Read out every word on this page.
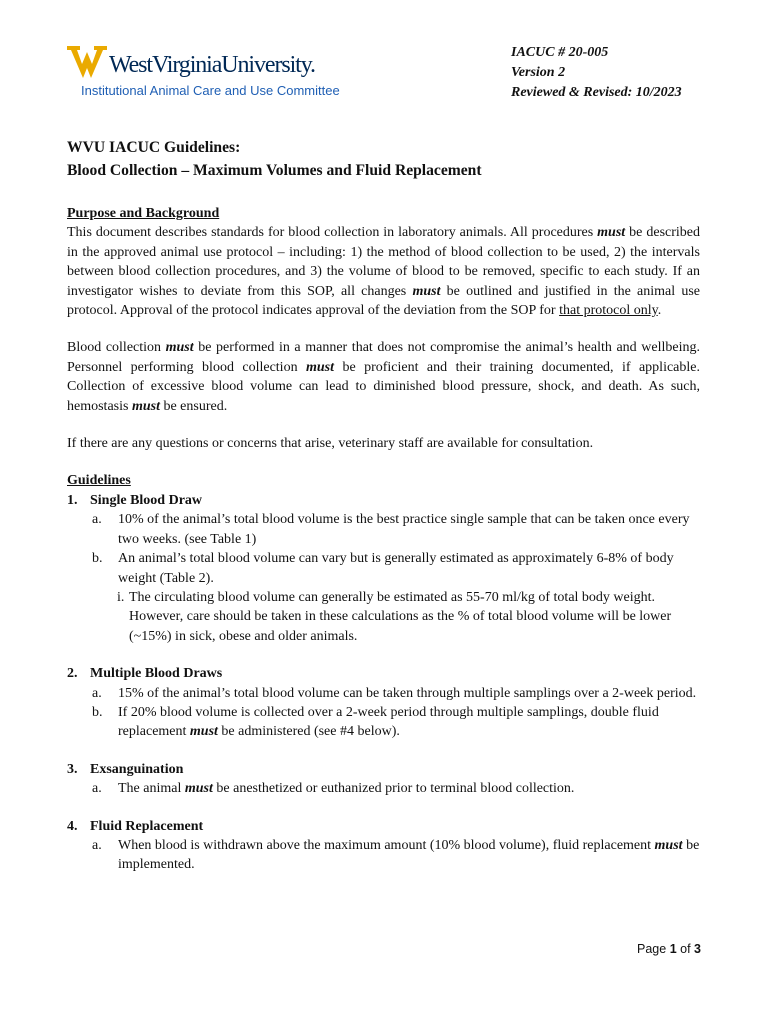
WestVirginiaUniversity.
Institutional Animal Care and Use Committee
IACUC # 20-005
Version 2
Reviewed & Revised: 10/2023
WVU IACUC Guidelines:
Blood Collection – Maximum Volumes and Fluid Replacement

Purpose and Background

This document describes standards for blood collection in laboratory animals. All procedures must be described in the approved animal use protocol – including: 1) the method of blood collection to be used, 2) the intervals between blood collection procedures, and 3) the volume of blood to be removed, specific to each study. If an investigator wishes to deviate from this SOP, all changes must be outlined and justified in the animal use protocol. Approval of the protocol indicates approval of the deviation from the SOP for that protocol only.

Blood collection must be performed in a manner that does not compromise the animal’s health and wellbeing. Personnel performing blood collection must be proficient and their training documented, if applicable. Collection of excessive blood volume can lead to diminished blood pressure, shock, and death. As such, hemostasis must be ensured.

If there are any questions or concerns that arise, veterinary staff are available for consultation.

Guidelines

1. Single Blood Draw

a. 10% of the animal’s total blood volume is the best practice single sample that can be taken once every two weeks. (see Table 1)

b. An animal’s total blood volume can vary but is generally estimated as approximately 6-8% of body weight (Table 2).

i. The circulating blood volume can generally be estimated as 55-70 ml/kg of total body weight. However, care should be taken in these calculations as the % of total blood volume will be lower (~15%) in sick, obese and older animals.

2. Multiple Blood Draws

a. 15% of the animal’s total blood volume can be taken through multiple samplings over a 2-week period.

b. If 20% blood volume is collected over a 2-week period through multiple samplings, double fluid replacement must be administered (see #4 below).

3. Exsanguination

a. The animal must be anesthetized or euthanized prior to terminal blood collection.

4. Fluid Replacement

a. When blood is withdrawn above the maximum amount (10% blood volume), fluid replacement must be implemented.

Page 1 of 3
